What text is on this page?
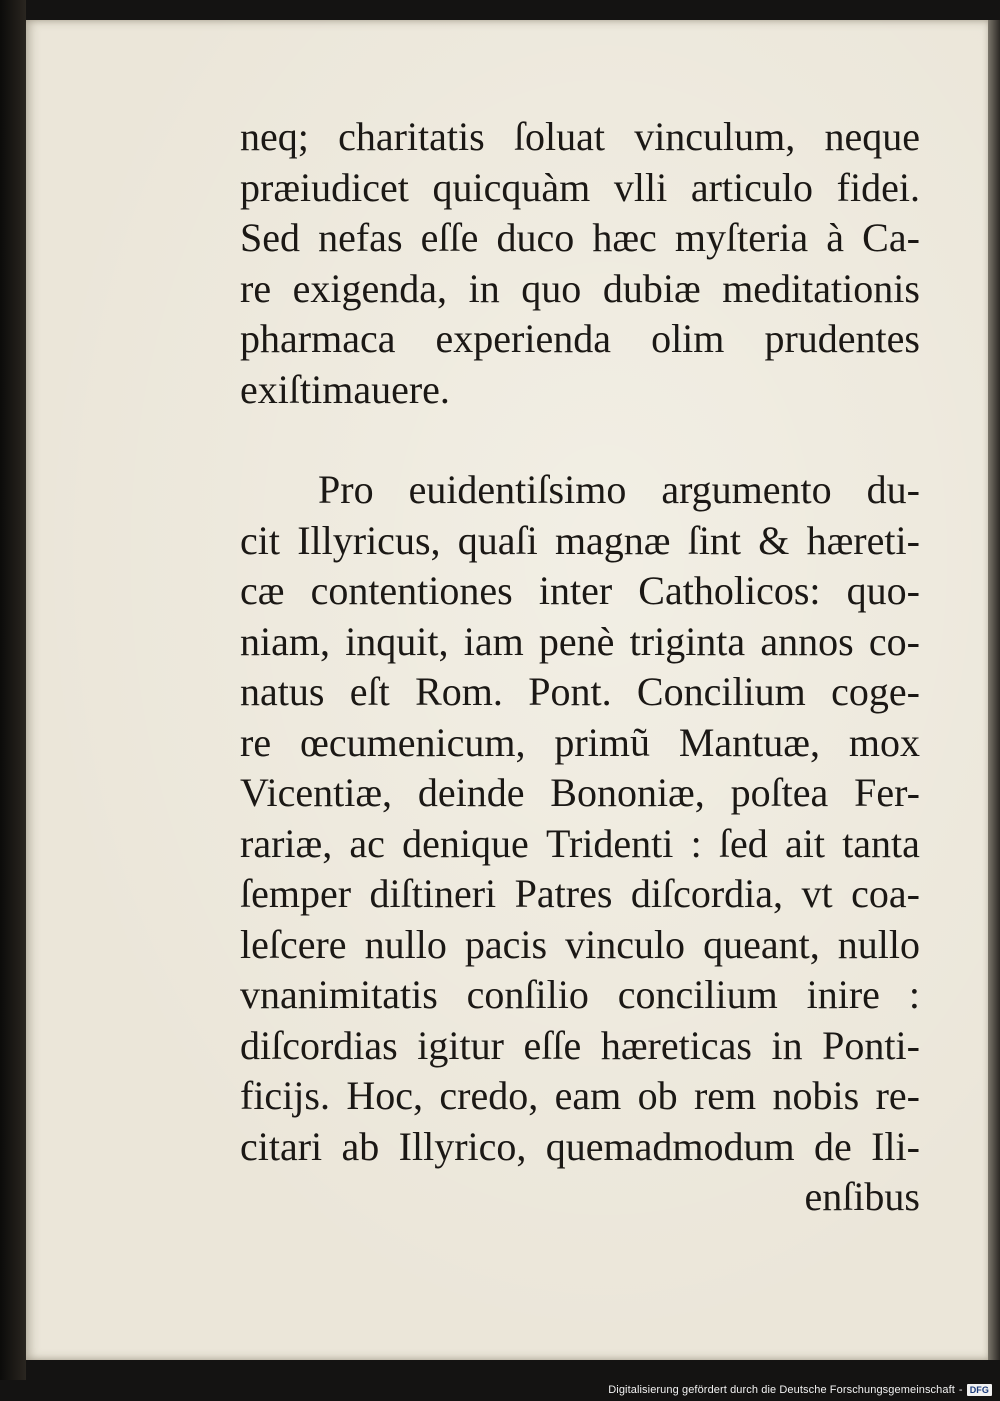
neq; charitatis ſoluat vinculum, neque
præiudicet quicquàm vlli articulo fidei.
Sed nefas eſſe duco hæc myſteria à Ca-
re exigenda, in quo dubiæ meditationis
pharmaca experienda olim prudentes
exiſtimauere.
Pro euidentiſsimo argumento du-
cit Illyricus, quaſi magnæ ſint & hæreti-
cæ contentiones inter Catholicos: quo-
niam, inquit, iam penè triginta annos co-
natus eſt Rom. Pont. Concilium coge-
re œcumenicum, primũ Mantuæ, mox
Vicentiæ, deinde Bononiæ, poſtea Fer-
rariæ, ac denique Tridenti : ſed ait tanta
ſemper diſtineri Patres diſcordia, vt coa-
leſcere nullo pacis vinculo queant, nullo
vnanimitatis conſilio concilium inire :
diſcordias igitur eſſe hæreticas in Ponti-
ficijs. Hoc, credo, eam ob rem nobis re-
citari ab Illyrico, quemadmodum de Ili-
enſibus
Digitalisierung gefördert durch die Deutsche Forschungsgemeinschaft - DFG
